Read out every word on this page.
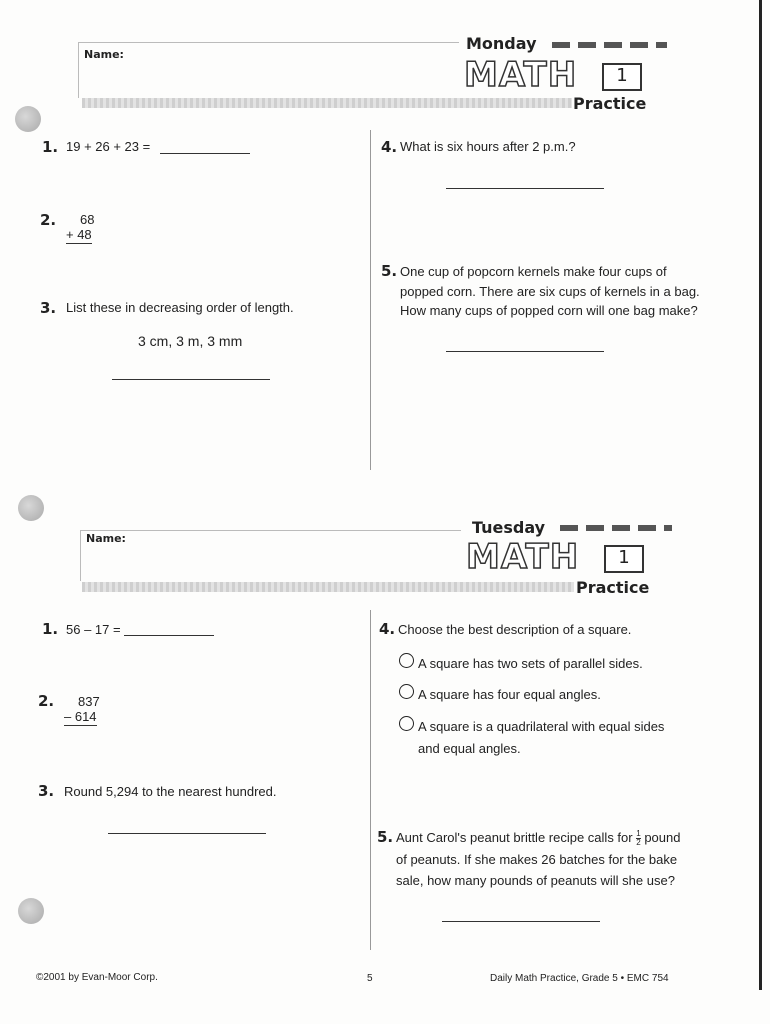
Name:
Monday
MATH	1
Practice
1. 19 + 26 + 23 =
2. 68
+ 48
3. List these in decreasing order of length.
3 cm, 3 m, 3 mm
4. What is six hours after 2 p.m.?
5. One cup of popcorn kernels make four cups of
popped corn. There are six cups of kernels in a bag.
How many cups of popped corn will one bag make?
Name:
Tuesday
MATH	1
Practice
1. 56 – 17 =
2. 837
– 614
3. Round 5,294 to the nearest hundred.
4. Choose the best description of a square.
A square has two sets of parallel sides.
A square has four equal angles.
A square is a quadrilateral with equal sides
and equal angles.
5. Aunt Carol's peanut brittle recipe calls for $\frac{1}{2}$ pound
of peanuts. If she makes 26 batches for the bake
sale, how many pounds of peanuts will she use?
©2001 by Evan-Moor Corp.	5	Daily Math Practice, Grade 5 • EMC 754
